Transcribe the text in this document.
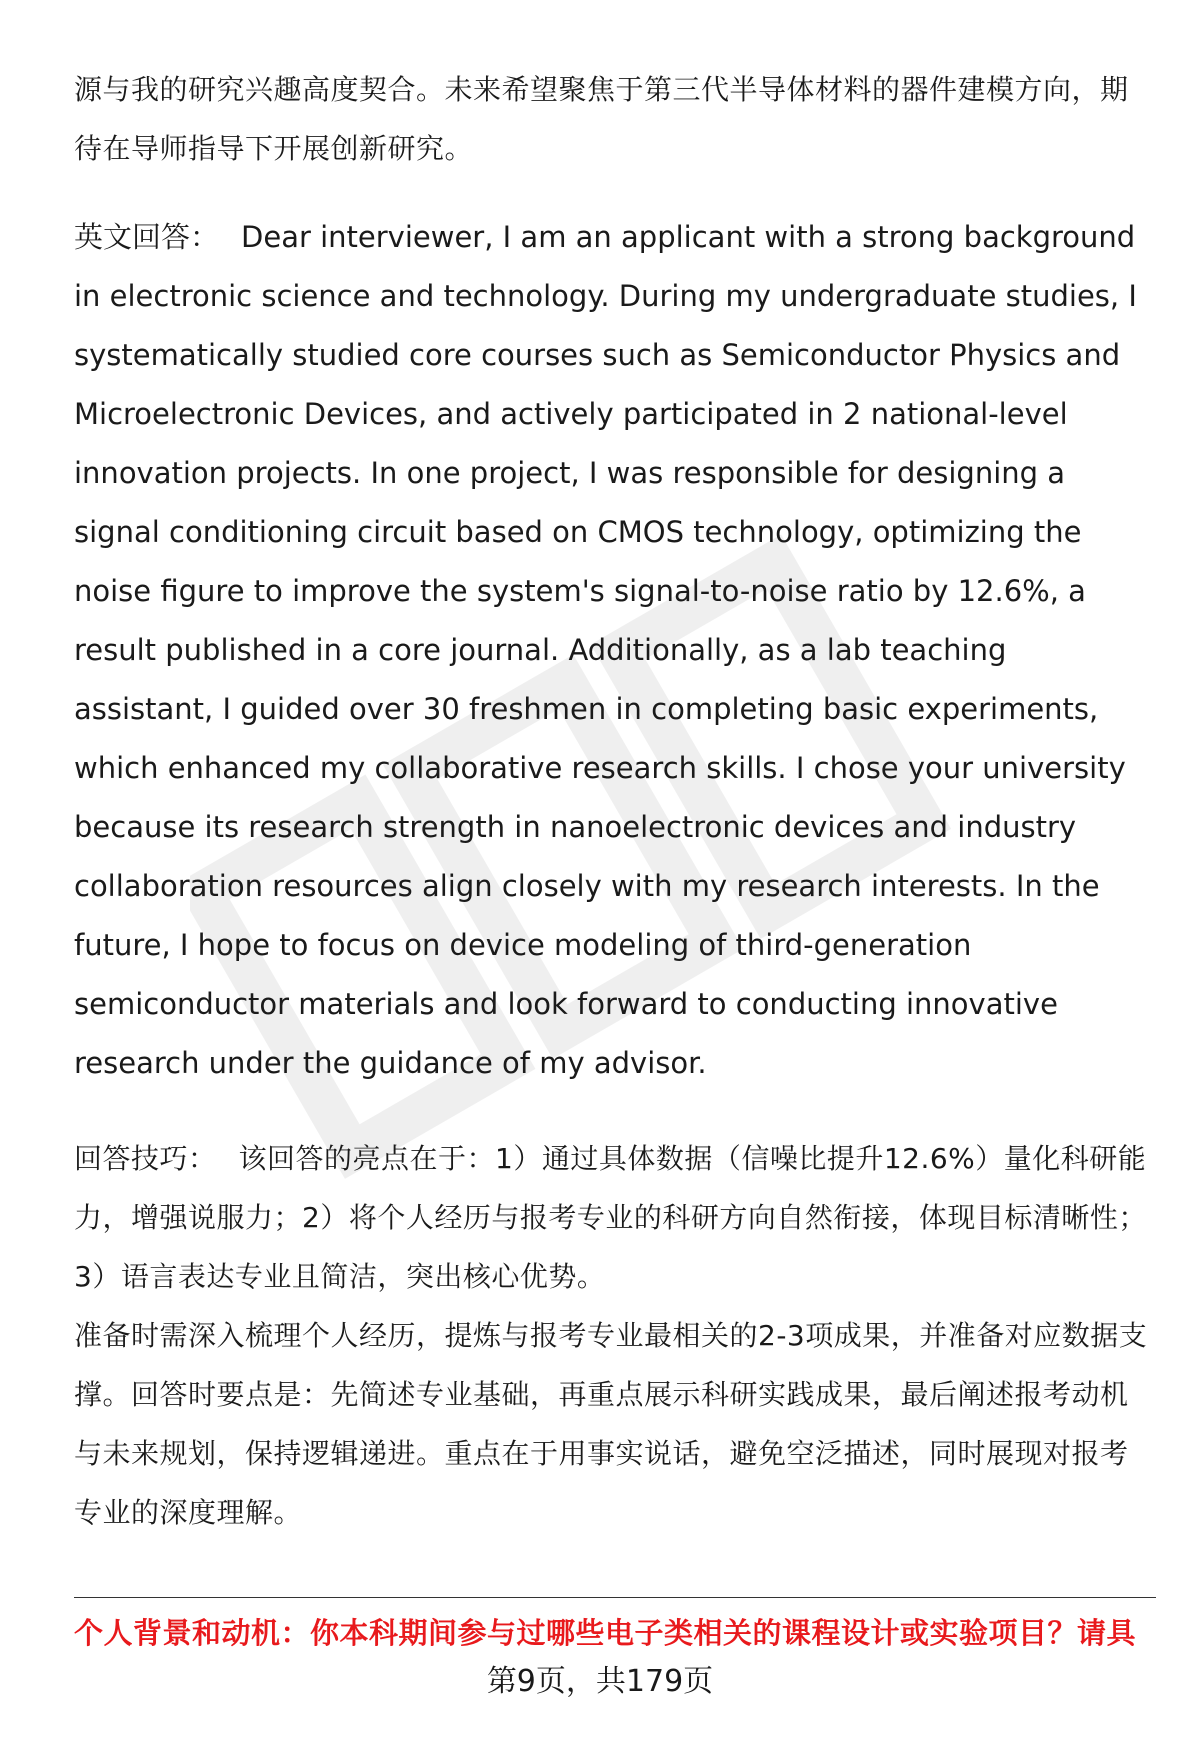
源与我的研究兴趣高度契合。未来希望聚焦于第三代半导体材料的器件建模方向，期待在导师指导下开展创新研究。

英文回答： Dear interviewer, I am an applicant with a strong background in electronic science and technology. During my undergraduate studies, I systematically studied core courses such as Semiconductor Physics and Microelectronic Devices, and actively participated in 2 national-level innovation projects. In one project, I was responsible for designing a signal conditioning circuit based on CMOS technology, optimizing the noise figure to improve the system's signal-to-noise ratio by 12.6%, a result published in a core journal. Additionally, as a lab teaching assistant, I guided over 30 freshmen in completing basic experiments, which enhanced my collaborative research skills. I chose your university because its research strength in nanoelectronic devices and industry collaboration resources align closely with my research interests. In the future, I hope to focus on device modeling of third-generation semiconductor materials and look forward to conducting innovative research under the guidance of my advisor.

回答技巧： 该回答的亮点在于：1）通过具体数据（信噪比提升12.6%）量化科研能力，增强说服力；2）将个人经历与报考专业的科研方向自然衔接，体现目标清晰性；3）语言表达专业且简洁，突出核心优势。

准备时需深入梳理个人经历，提炼与报考专业最相关的2-3项成果，并准备对应数据支撑。回答时要点是：先简述专业基础，再重点展示科研实践成果，最后阐述报考动机与未来规划，保持逻辑递进。重点在于用事实说话，避免空泛描述，同时展现对报考专业的深度理解。

个人背景和动机：你本科期间参与过哪些电子类相关的课程设计或实验项目？请具
第9页，共179页
